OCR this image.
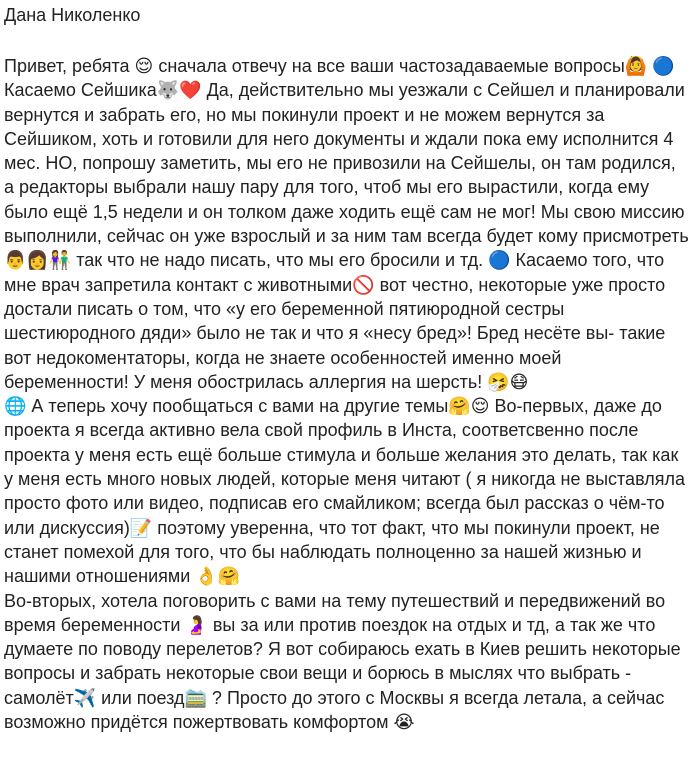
Дана Николенко

Привет, ребята 😌 сначала отвечу на все ваши частозадаваемые вопросы🙆 🔵 Касаемо Сейшика🐺❤️ Да, действительно мы уезжали с Сейшел и планировали вернутся и забрать его, но мы покинули проект и не можем вернутся за Сейшиком, хоть и готовили для него документы и ждали пока ему исполнится 4 мес. НО, попрошу заметить, мы его не привозили на Сейшелы, он там родился, а редакторы выбрали нашу пару для того, чтоб мы его вырастили, когда ему было ещё 1,5 недели и он толком даже ходить ещё сам не мог! Мы свою миссию выполнили, сейчас он уже взрослый и за ним там всегда будет кому присмотреть 👨👩👫 так что не надо писать, что мы его бросили и тд. 🔵 Касаемо того, что мне врач запретила контакт с животными🚫 вот честно, некоторые уже просто достали писать о том, что «у его беременной пятиюродной сестры шестиюродного дяди» было не так и что я «несу бред»! Бред несёте вы- такие вот недокоментаторы, когда не знаете особенностей именно моей беременности! У меня обострилась аллергия на шерсть! 🤧😷

🌐 А теперь хочу пообщаться с вами на другие темы🤗😌 Во-первых, даже до проекта я всегда активно вела свой профиль в Инста, соответсвенно после проекта у меня есть ещё больше стимула и больше желания это делать, так как у меня есть много новых людей, которые меня читают ( я никогда не выставляла просто фото или видео, подписав его смайликом; всегда был рассказ о чём-то или дискуссия)📝 поэтому уверенна, что тот факт, что мы покинули проект, не станет помехой для того, что бы наблюдать полноценно за нашей жизнью и нашими отношениями 👌🤗

Во-вторых, хотела поговорить с вами на тему путешествий и передвижений во время беременности 🤰 вы за или против поездок на отдых и тд, а так же что думаете по поводу перелетов? Я вот собираюсь ехать в Киев решить некоторые вопросы и забрать некоторые свои вещи и борюсь в мыслях что выбрать - самолёт✈️ или поезд🚞 ? Просто до этого с Москвы я всегда летала, а сейчас возможно придётся пожертвовать комфортом 😭
